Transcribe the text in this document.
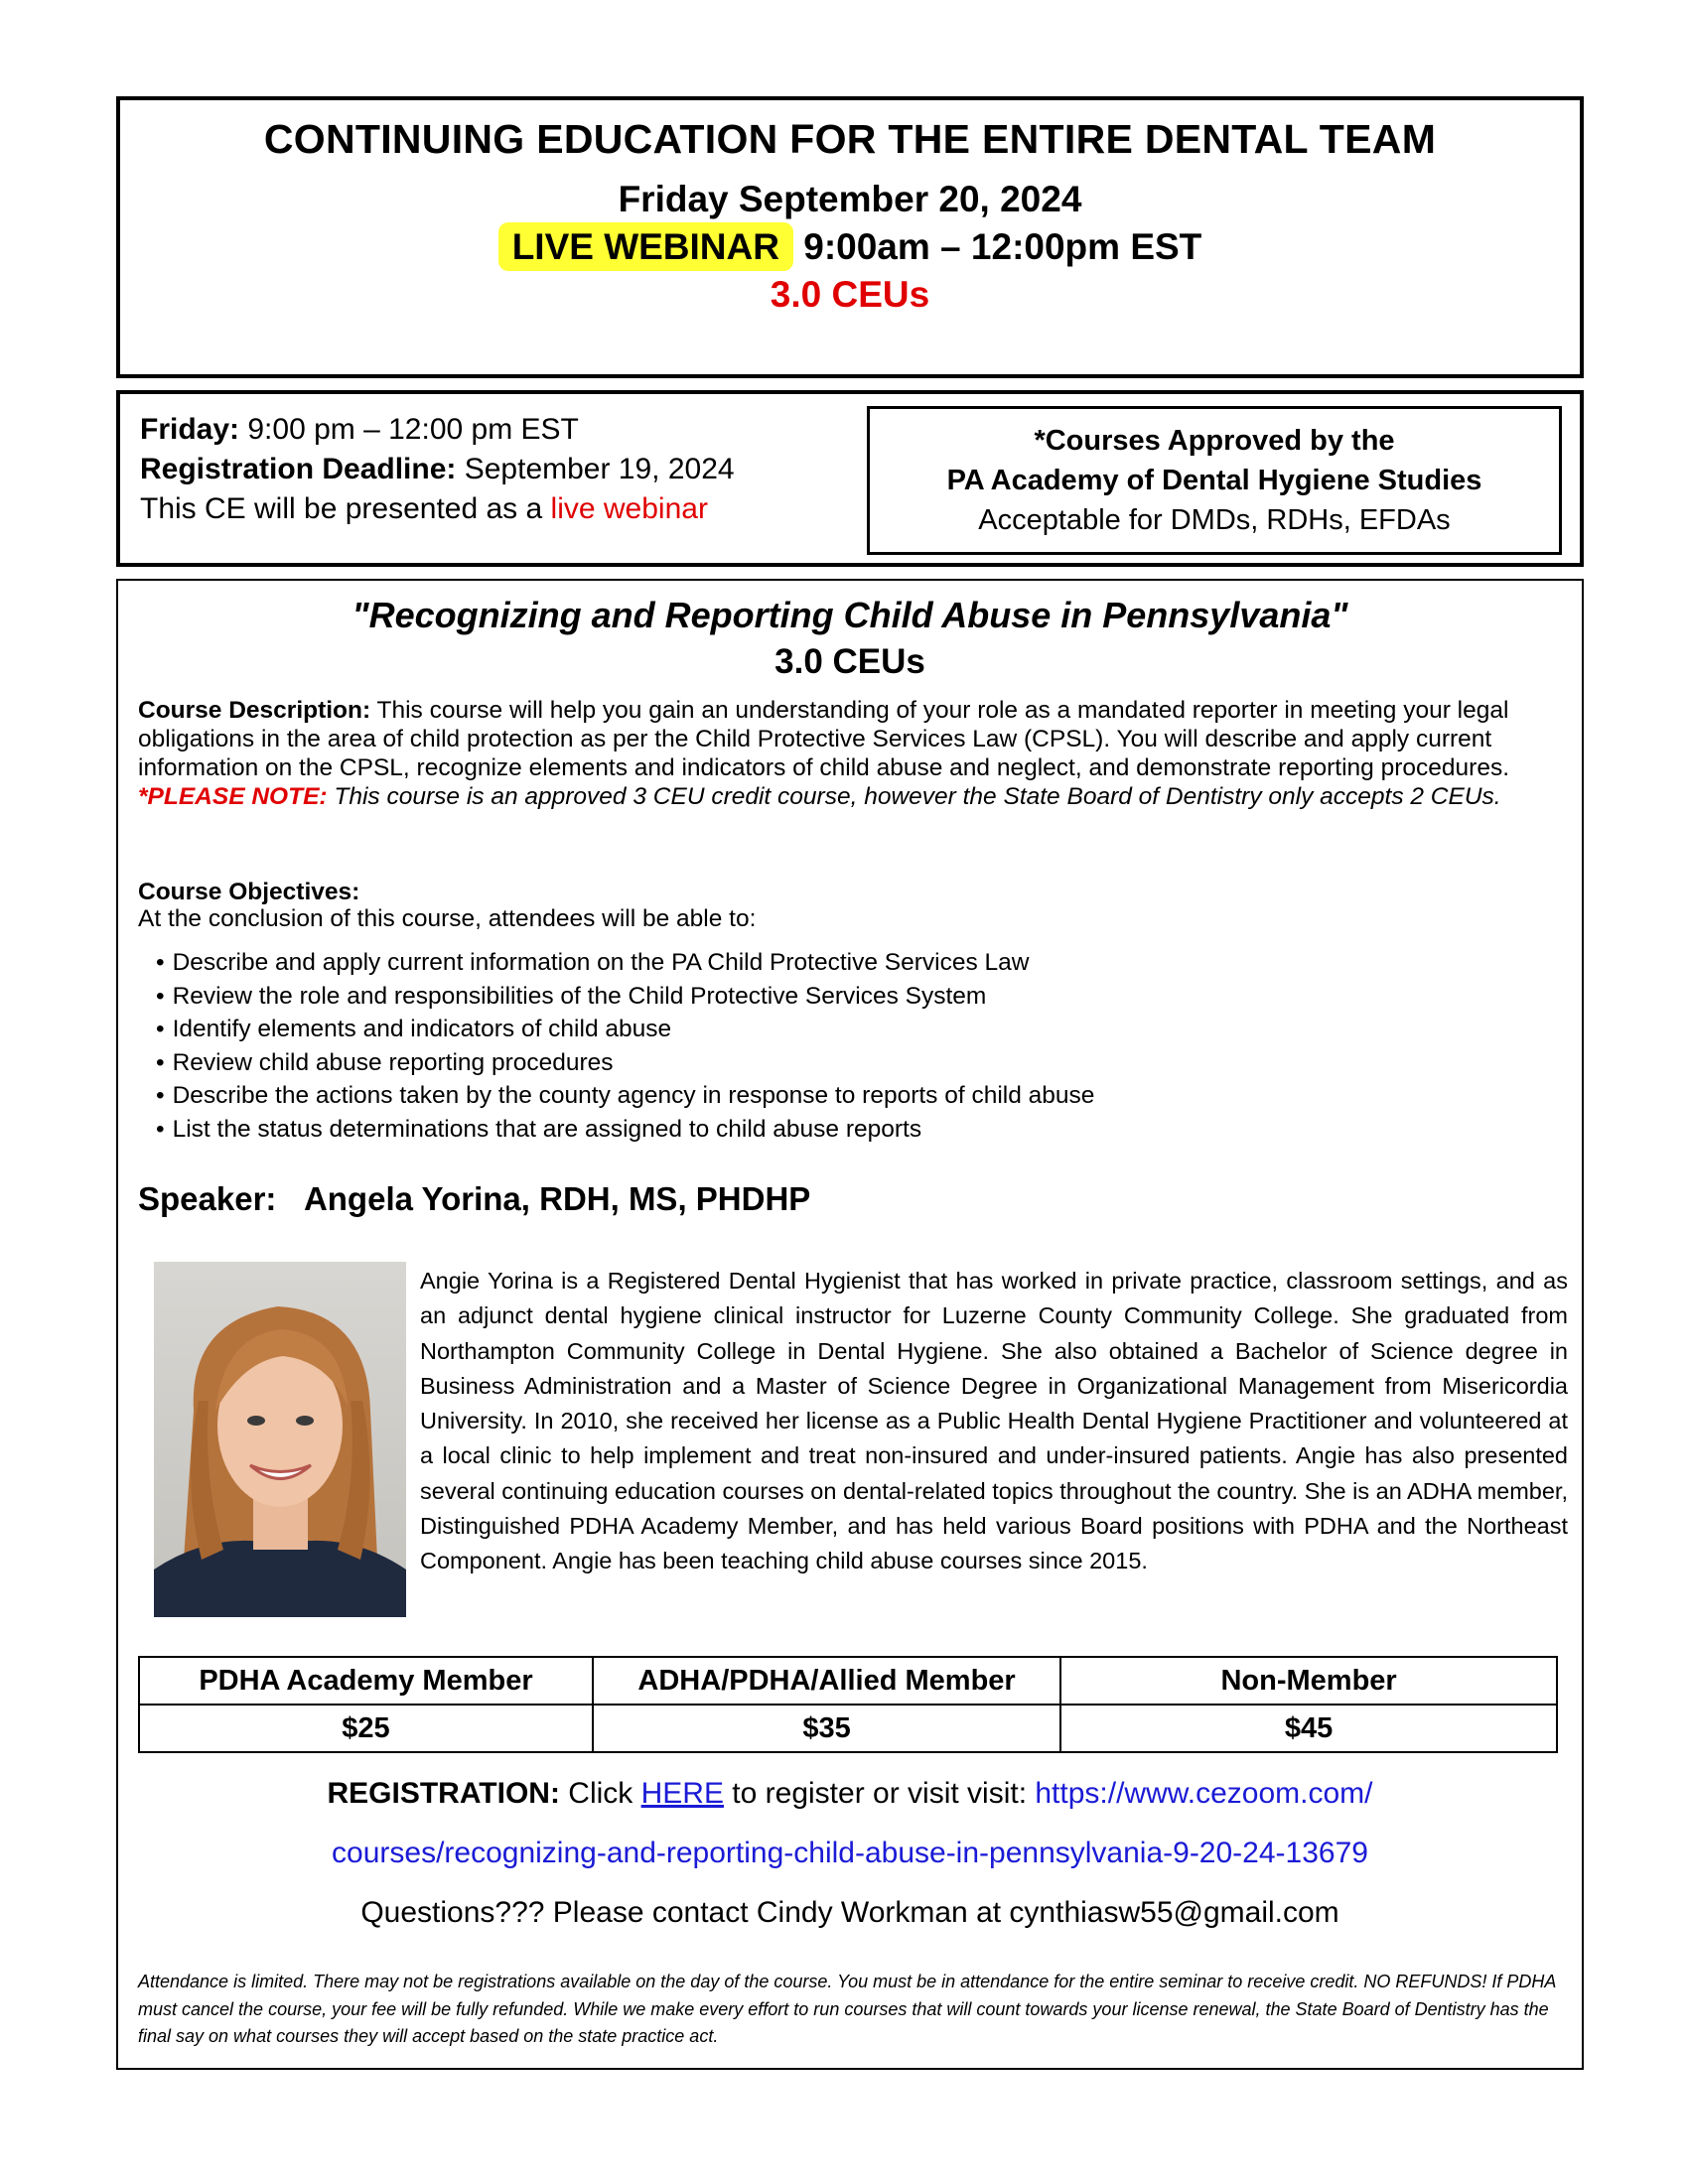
CONTINUING EDUCATION FOR THE ENTIRE DENTAL TEAM
Friday September 20, 2024
LIVE WEBINAR 9:00am – 12:00pm EST
3.0 CEUs
Friday: 9:00 pm – 12:00 pm EST
Registration Deadline: September 19, 2024
This CE will be presented as a live webinar
*Courses Approved by the
PA Academy of Dental Hygiene Studies
Acceptable for DMDs, RDHs, EFDAs
"Recognizing and Reporting Child Abuse in Pennsylvania"
3.0 CEUs
Course Description: This course will help you gain an understanding of your role as a mandated reporter in meeting your legal obligations in the area of child protection as per the Child Protective Services Law (CPSL). You will describe and apply current information on the CPSL, recognize elements and indicators of child abuse and neglect, and demonstrate reporting procedures. *PLEASE NOTE: This course is an approved 3 CEU credit course, however the State Board of Dentistry only accepts 2 CEUs.
Course Objectives:
At the conclusion of this course, attendees will be able to:
• Describe and apply current information on the PA Child Protective Services Law
• Review the role and responsibilities of the Child Protective Services System
• Identify elements and indicators of child abuse
• Review child abuse reporting procedures
• Describe the actions taken by the county agency in response to reports of child abuse
• List the status determinations that are assigned to child abuse reports
Speaker: Angela Yorina, RDH, MS, PHDHP
Angie Yorina is a Registered Dental Hygienist that has worked in private practice, classroom settings, and as an adjunct dental hygiene clinical instructor for Luzerne County Community College. She graduated from Northampton Community College in Dental Hygiene. She also obtained a Bachelor of Science degree in Business Administration and a Master of Science Degree in Organizational Management from Misericordia University. In 2010, she received her license as a Public Health Dental Hygiene Practitioner and volunteered at a local clinic to help implement and treat non-insured and under-insured patients. Angie has also presented several continuing education courses on dental-related topics throughout the country. She is an ADHA member, Distinguished PDHA Academy Member, and has held various Board positions with PDHA and the Northeast Component. Angie has been teaching child abuse courses since 2015.
PDHA Academy Member	ADHA/PDHA/Allied Member	Non-Member
$25	$35	$45
REGISTRATION: Click HERE to register or visit visit: https://www.cezoom.com/
courses/recognizing-and-reporting-child-abuse-in-pennsylvania-9-20-24-13679
Questions??? Please contact Cindy Workman at cynthiasw55@gmail.com
Attendance is limited. There may not be registrations available on the day of the course. You must be in attendance for the entire seminar to receive credit. NO REFUNDS! If PDHA must cancel the course, your fee will be fully refunded. While we make every effort to run courses that will count towards your license renewal, the State Board of Dentistry has the final say on what courses they will accept based on the state practice act.
